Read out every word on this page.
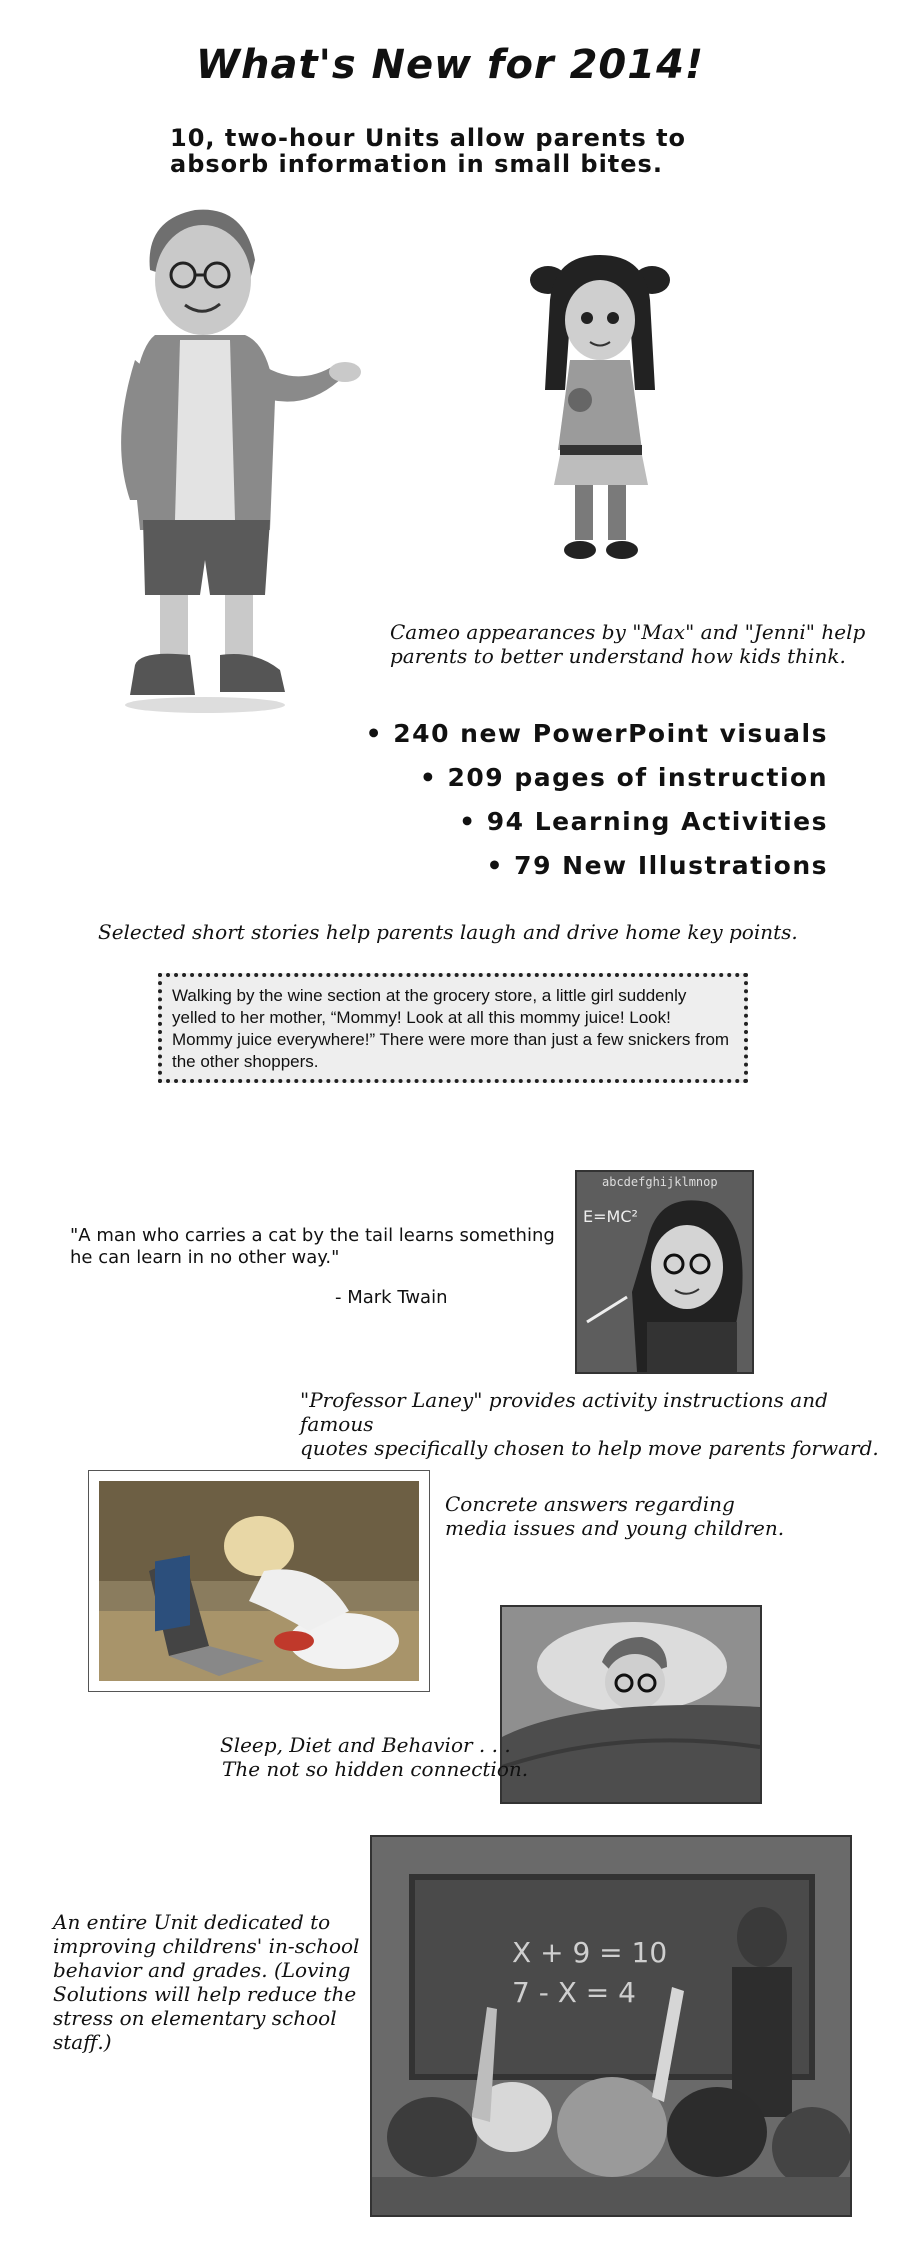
What's New for 2014!
10, two-hour Units allow parents to absorb information in small bites.
Cameo appearances by "Max" and "Jenni" help
parents to better understand how kids think.
• 240 new PowerPoint visuals
• 209 pages of instruction
• 94 Learning Activities
• 79 New Illustrations
Selected short stories help parents laugh and drive home key points.
Walking by the wine section at the grocery store, a little girl suddenly yelled to her mother, “Mommy! Look at all this mommy juice! Look! Mommy juice everywhere!” There were more than just a few snickers from the other shoppers.
"A man who carries a cat by the tail learns something he can learn in no other way."
- Mark Twain
abcdefghijklmnop
E=MC²
"Professor Laney" provides activity instructions and famous
quotes specifically chosen to help move parents forward.
Concrete answers regarding
media issues and young children.
Sleep, Diet and Behavior . . .
The not so hidden connection.
An entire Unit dedicated to improving childrens' in-school behavior and grades. (Loving Solutions will help reduce the stress on elementary school staff.)
X + 9 = 10
7 - X = 4
